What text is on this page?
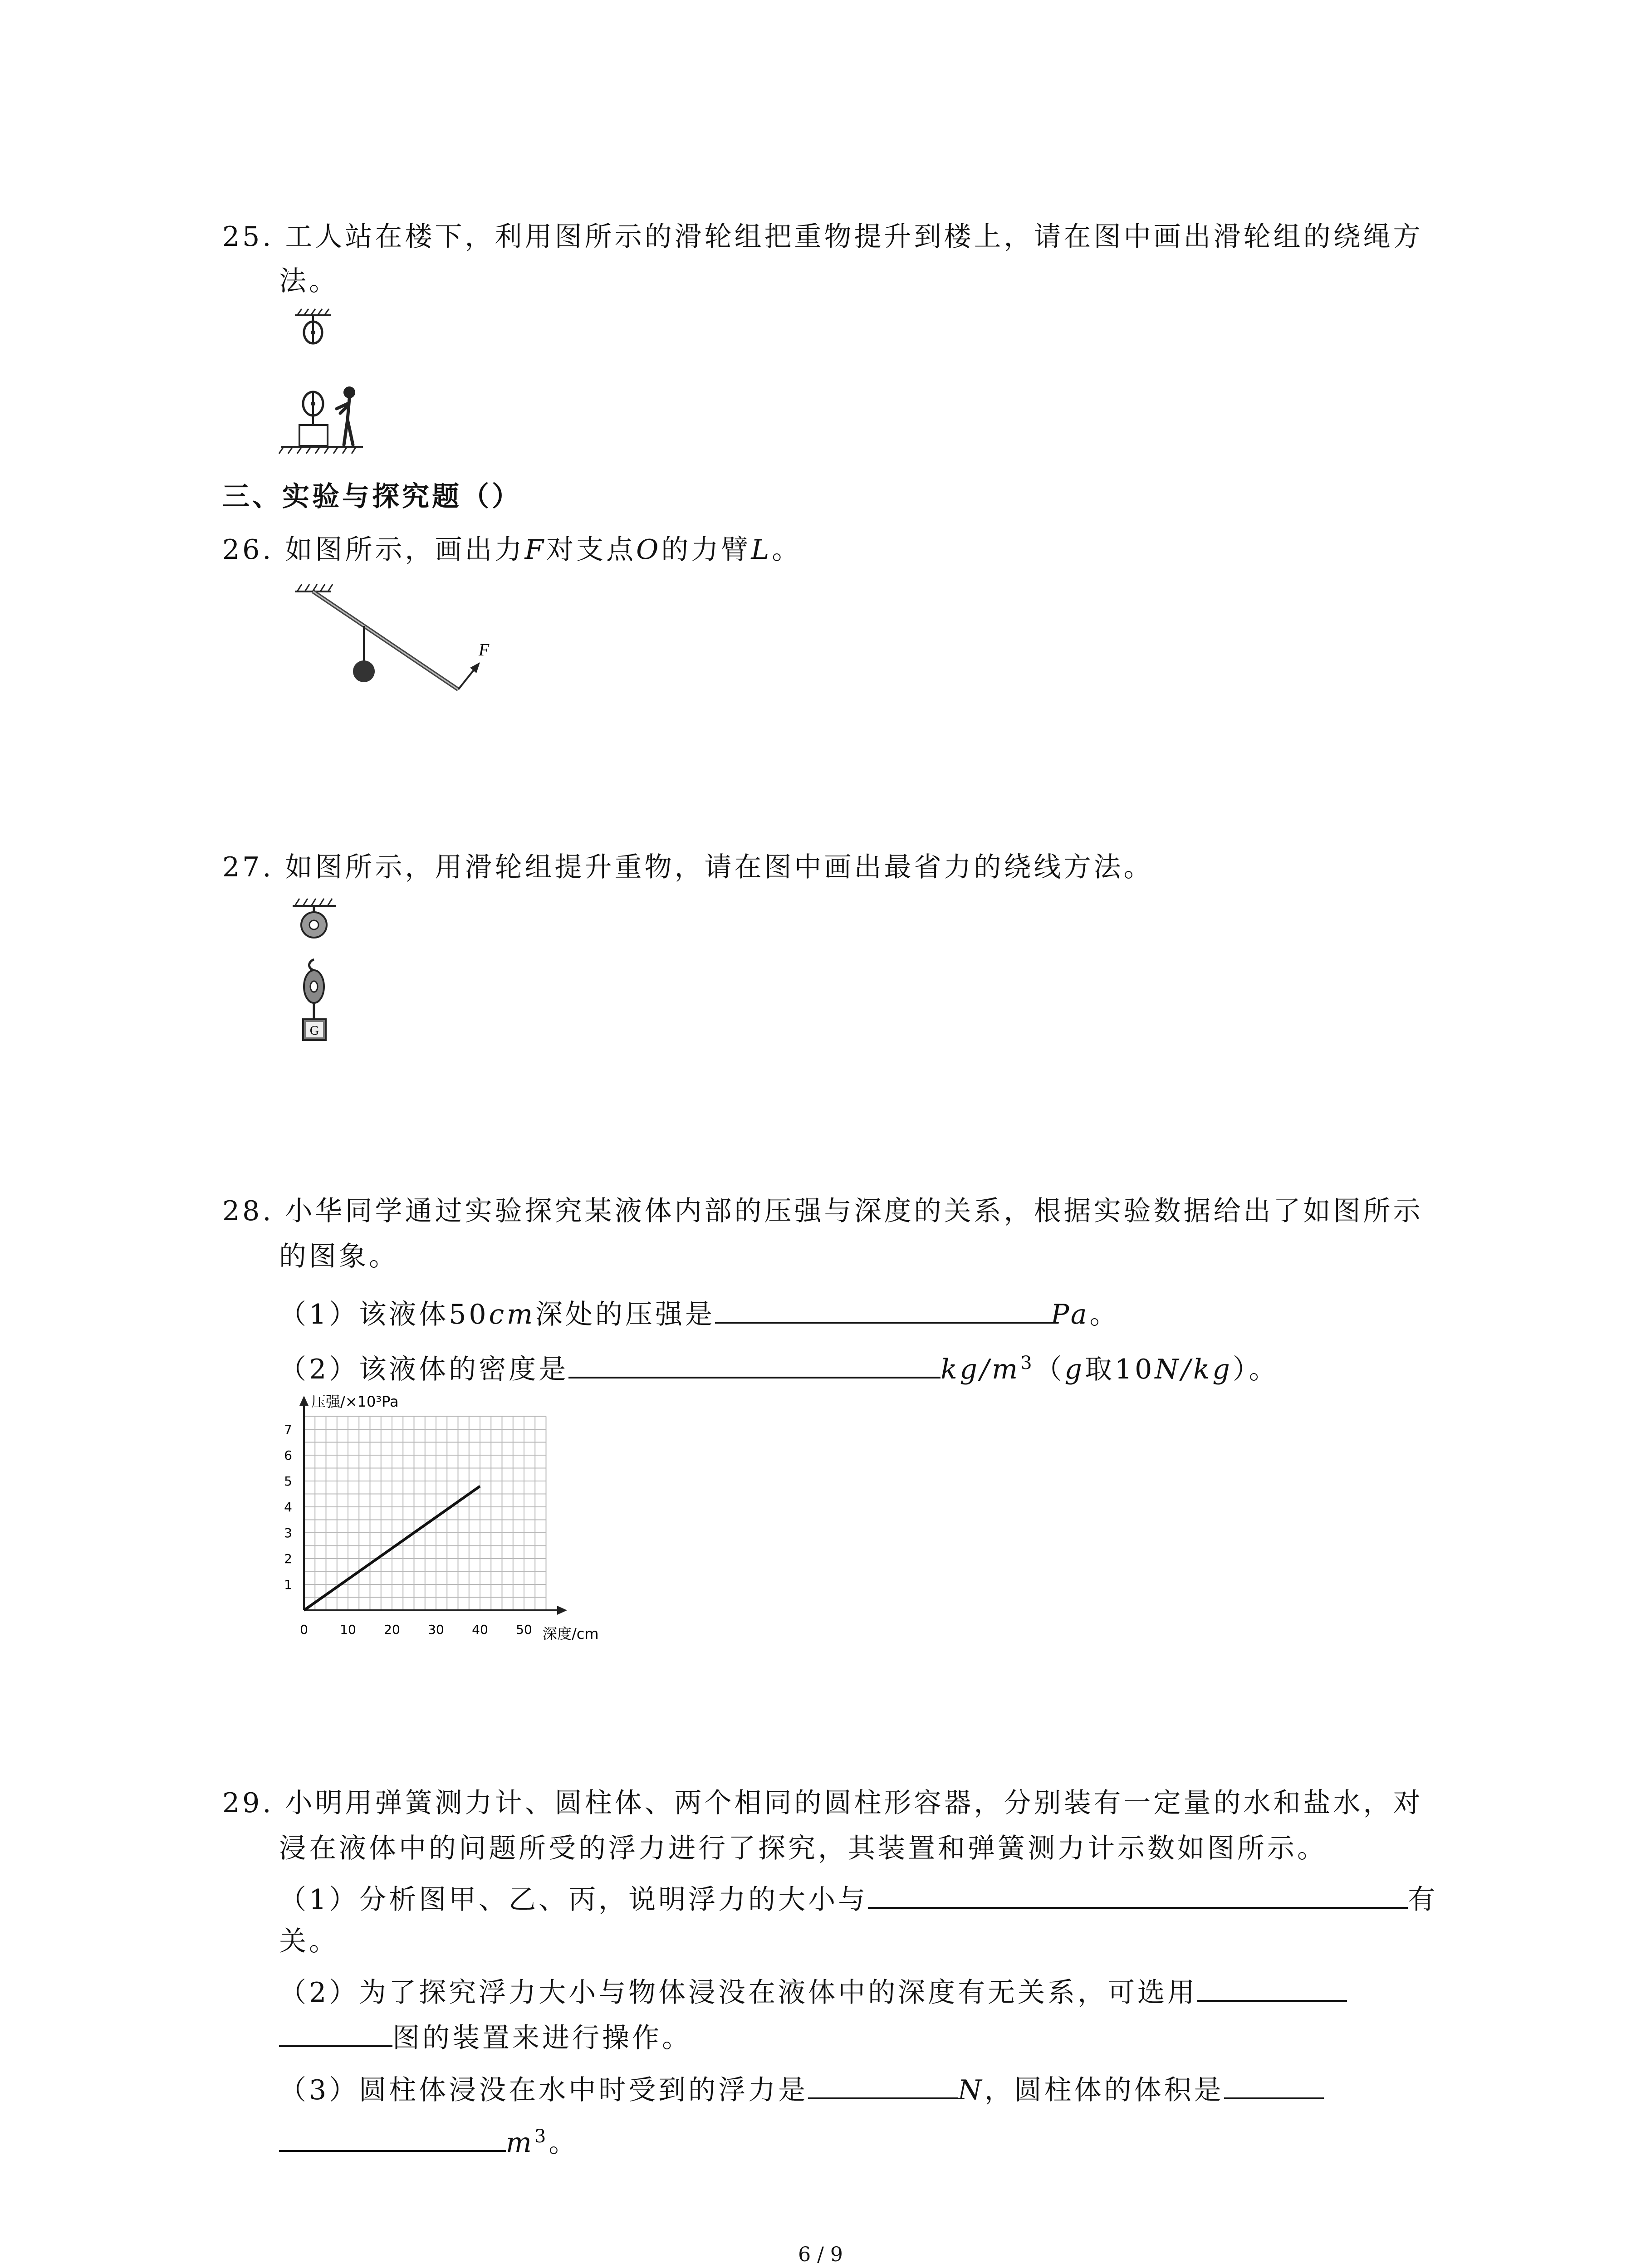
25. 工人站在楼下，利用图所示的滑轮组把重物提升到楼上，请在图中画出滑轮组的绕绳方
法。
三、实验与探究题（）
26. 如图所示，画出力F对支点O的力臂L。
F
27. 如图所示，用滑轮组提升重物，请在图中画出最省力的绕线方法。
G
28. 小华同学通过实验探究某液体内部的压强与深度的关系，根据实验数据给出了如图所示
的图象。
（1）该液体50cm深处的压强是	Pa。
（2）该液体的密度是	$kg/m^3(g$取10N/kg）。
0	10 20 30 40 50
1
2
3
4
5
6
7
压强/×10³Pa
深度/cm
29. 小明用弹簧测力计、圆柱体、两个相同的圆柱形容器，分别装有一定量的水和盐水，对
浸在液体中的问题所受的浮力进行了探究，其装置和弹簧测力计示数如图所示。
（1）分析图甲、乙、丙，说明浮力的大小与	有
关。
（2）为了探究浮力大小与物体浸没在液体中的深度有无关系，可选用
图的装置来进行操作。
（3）圆柱体浸没在水中时受到的浮力是	N，圆柱体的体积是
$m^3$。
6 / 9
